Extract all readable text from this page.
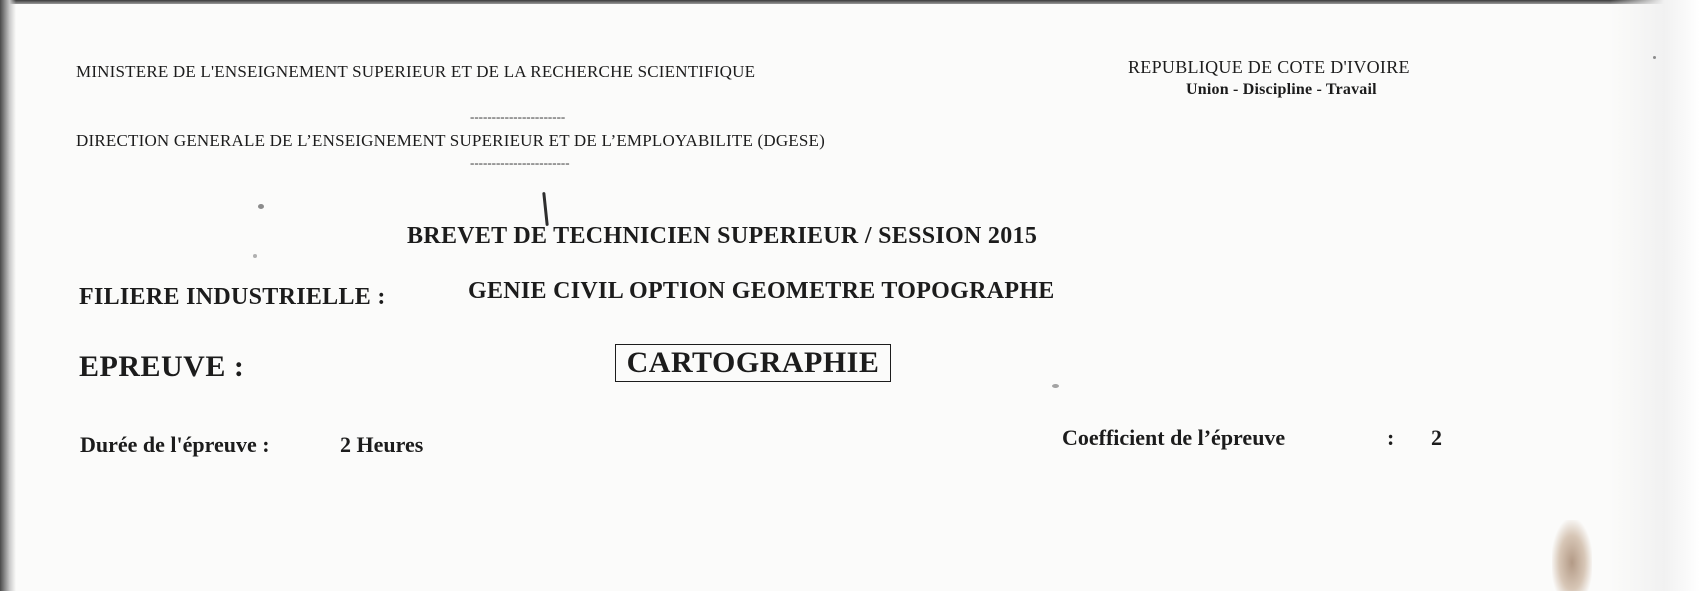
MINISTERE DE L'ENSEIGNEMENT SUPERIEUR ET DE LA RECHERCHE SCIENTIFIQUE
----------------------
DIRECTION GENERALE DE L’ENSEIGNEMENT SUPERIEUR ET DE L’EMPLOYABILITE (DGESE)
-----------------------
REPUBLIQUE DE COTE D'IVOIRE
Union - Discipline - Travail
BREVET DE TECHNICIEN SUPERIEUR / SESSION 2015
FILIERE INDUSTRIELLE :	GENIE CIVIL OPTION GEOMETRE TOPOGRAPHE
EPREUVE :	CARTOGRAPHIE
Durée de l'épreuve :	2 Heures	Coefficient de l’épreuve	: 2
